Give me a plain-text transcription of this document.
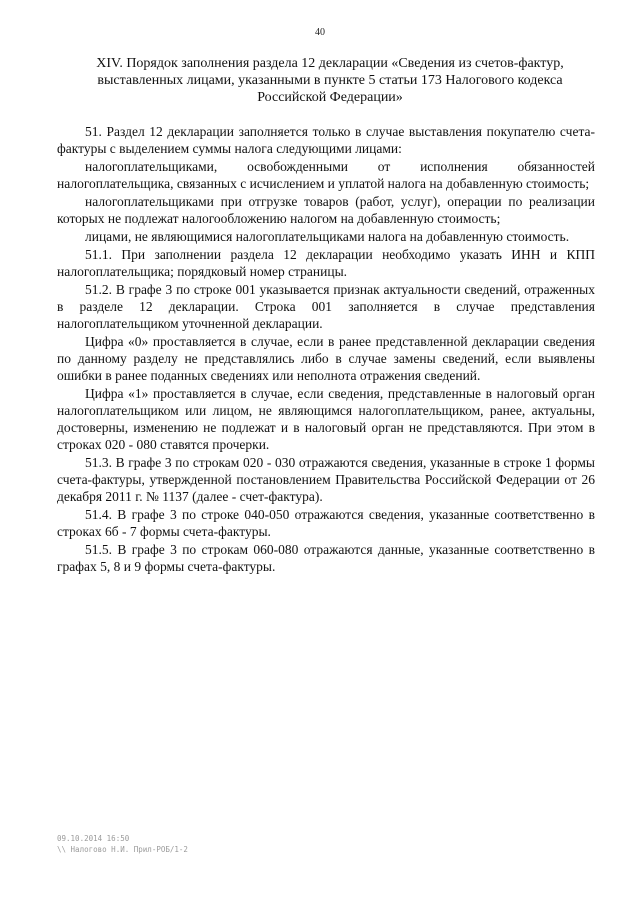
40
XIV. Порядок заполнения раздела 12 декларации «Сведения из счетов-фактур, выставленных лицами, указанными в пункте 5 статьи 173 Налогового кодекса Российской Федерации»

51. Раздел 12 декларации заполняется только в случае выставления покупателю счета-фактуры с выделением суммы налога следующими лицами:

налогоплательщиками, освобожденными от исполнения обязанностей налогоплательщика, связанных с исчислением и уплатой налога на добавленную стоимость;

налогоплательщиками при отгрузке товаров (работ, услуг), операции по реализации которых не подлежат налогообложению налогом на добавленную стоимость;

лицами, не являющимися налогоплательщиками налога на добавленную стоимость.

51.1. При заполнении раздела 12 декларации необходимо указать ИНН и КПП налогоплательщика; порядковый номер страницы.

51.2. В графе 3 по строке 001 указывается признак актуальности сведений, отраженных в разделе 12 декларации. Строка 001 заполняется в случае представления налогоплательщиком уточненной декларации.

Цифра «0» проставляется в случае, если в ранее представленной декларации сведения по данному разделу не представлялись либо в случае замены сведений, если выявлены ошибки в ранее поданных сведениях или неполнота отражения сведений.

Цифра «1» проставляется в случае, если сведения, представленные в налоговый орган налогоплательщиком или лицом, не являющимся налогоплательщиком, ранее, актуальны, достоверны, изменению не подлежат и в налоговый орган не представляются. При этом в строках 020 - 080 ставятся прочерки.

51.3. В графе 3 по строкам 020 - 030 отражаются сведения, указанные в строке 1 формы счета-фактуры, утвержденной постановлением Правительства Российской Федерации от 26 декабря 2011 г. № 1137 (далее - счет-фактура).

51.4. В графе 3 по строке 040-050 отражаются сведения, указанные соответственно в строках 6б - 7 формы счета-фактуры.

51.5. В графе 3 по строкам 060-080 отражаются данные, указанные соответственно в графах 5, 8 и 9 формы счета-фактуры.

09.10.2014 16:50
\\ Налогово Н.И. Прил-РОБ/1-2
